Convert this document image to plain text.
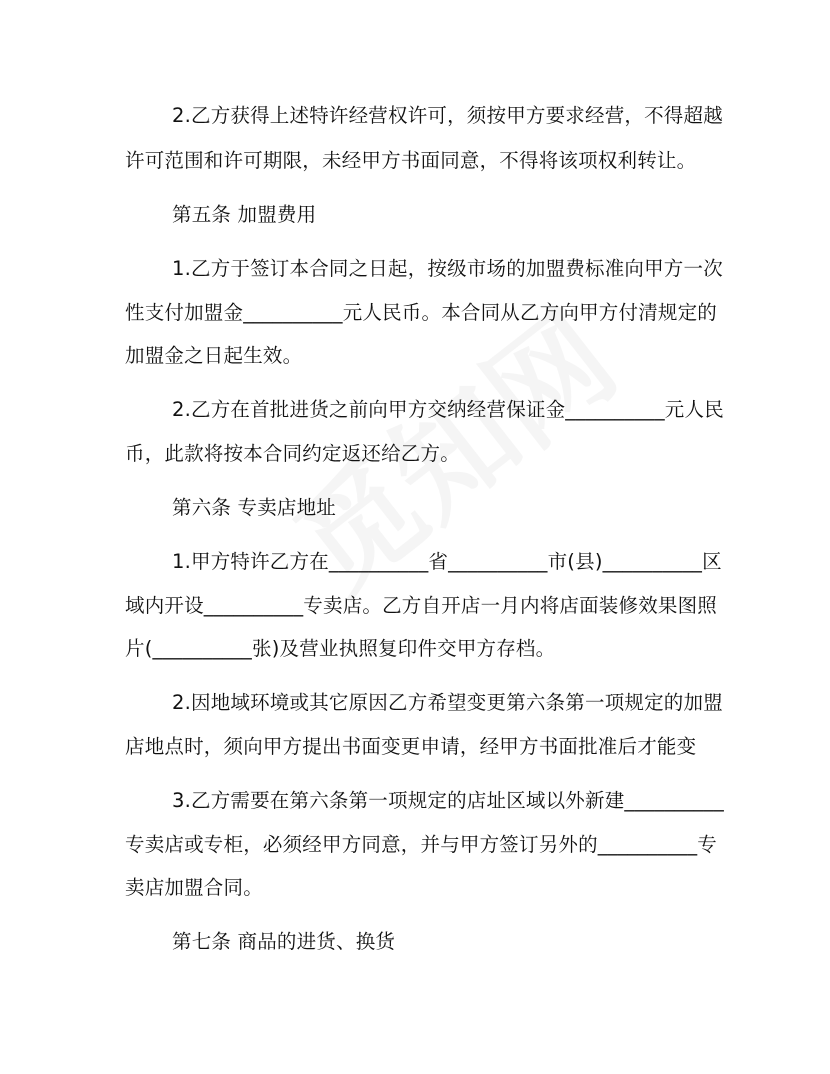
2.乙方获得上述特许经营权许可，须按甲方要求经营，不得超越
许可范围和许可期限，未经甲方书面同意，不得将该项权利转让。
第五条 加盟费用
1.乙方于签订本合同之日起，按级市场的加盟费标准向甲方一次
性支付加盟金__________元人民币。本合同从乙方向甲方付清规定的
加盟金之日起生效。
2.乙方在首批进货之前向甲方交纳经营保证金__________元人民
币，此款将按本合同约定返还给乙方。
第六条 专卖店地址
1.甲方特许乙方在__________省__________市(县)__________区
域内开设__________专卖店。乙方自开店一月内将店面装修效果图照
片(__________张)及营业执照复印件交甲方存档。
2.因地域环境或其它原因乙方希望变更第六条第一项规定的加盟
店地点时，须向甲方提出书面变更申请，经甲方书面批准后才能变
3.乙方需要在第六条第一项规定的店址区域以外新建__________
专卖店或专柜，必须经甲方同意，并与甲方签订另外的__________专
卖店加盟合同。
第七条 商品的进货、换货
